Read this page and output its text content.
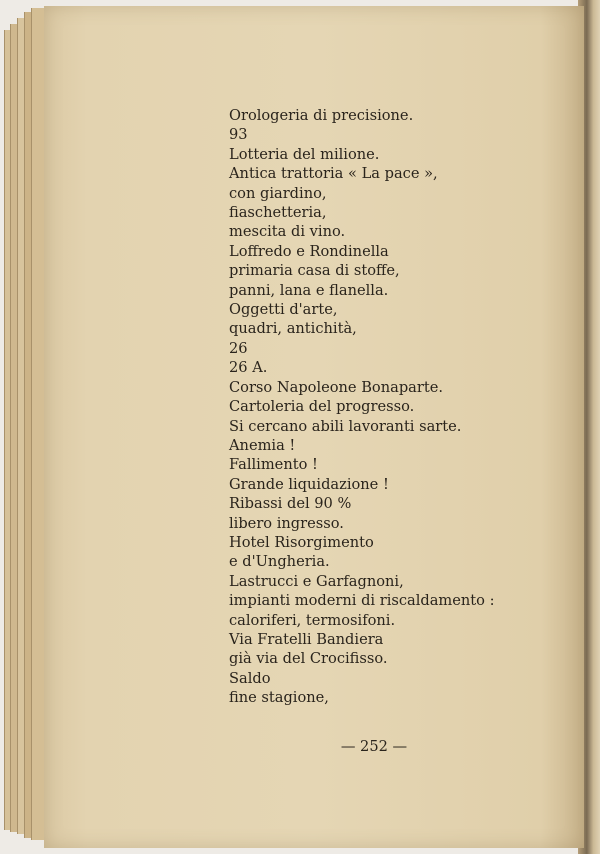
Orologeria di precisione.
93
Lotteria del milione.
Antica trattoria « La pace »,
con giardino,
fiaschetteria,
mescita di vino.
Loffredo e Rondinella
primaria casa di stoffe,
panni, lana e flanella.
Oggetti d'arte,
quadri, antichità,
26
26 A.
Corso Napoleone Bonaparte.
Cartoleria del progresso.
Si cercano abili lavoranti sarte.
Anemia !
Fallimento !
Grande liquidazione !
Ribassi del 90 %
libero ingresso.
Hotel Risorgimento
e d'Ungheria.
Lastrucci e Garfagnoni,
impianti moderni di riscaldamento :
caloriferi, termosifoni.
Via Fratelli Bandiera
già via del Crocifisso.
Saldo
fine stagione,
— 252 —
